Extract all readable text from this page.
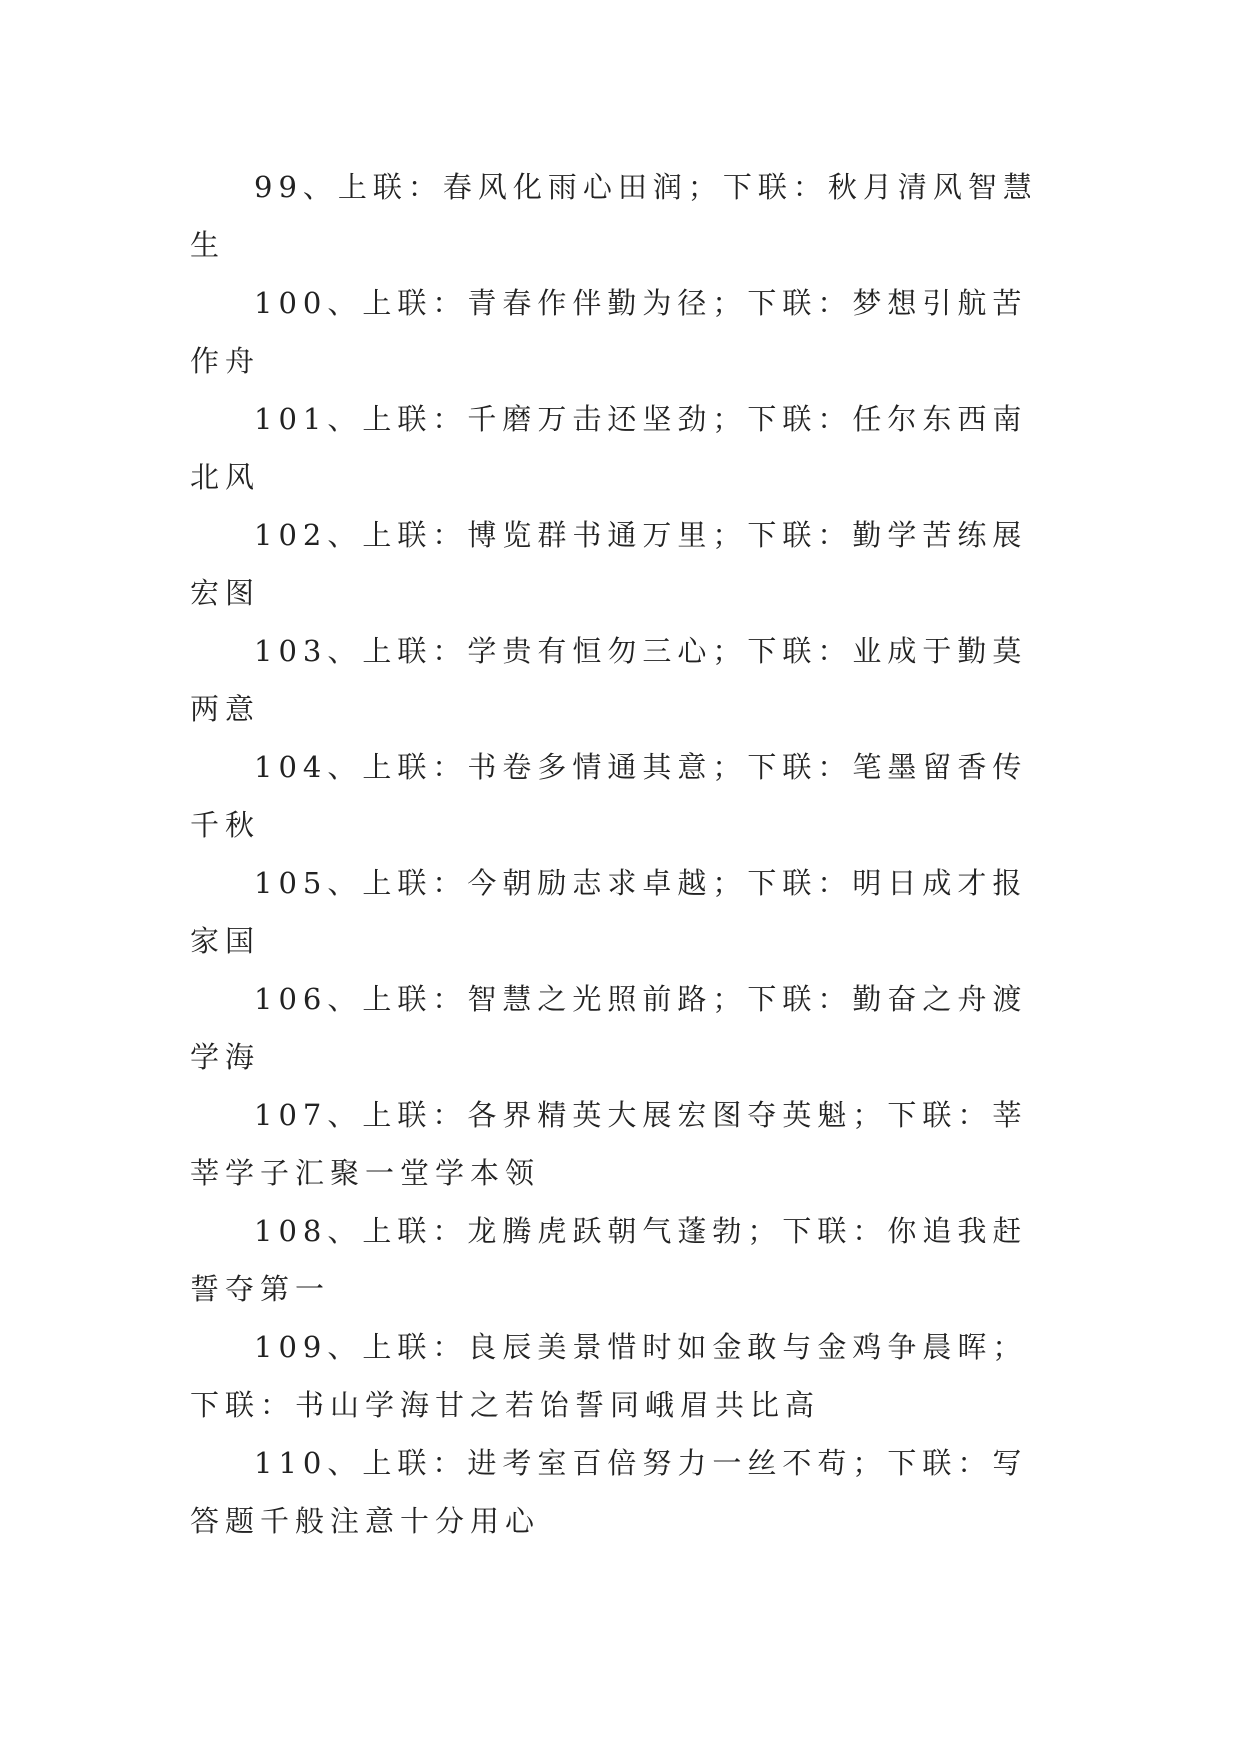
99、上联：春风化雨心田润；下联：秋月清风智慧生

100、上联：青春作伴勤为径；下联：梦想引航苦作舟

101、上联：千磨万击还坚劲；下联：任尔东西南北风

102、上联：博览群书通万里；下联：勤学苦练展宏图

103、上联：学贵有恒勿三心；下联：业成于勤莫两意

104、上联：书卷多情通其意；下联：笔墨留香传千秋

105、上联：今朝励志求卓越；下联：明日成才报家国

106、上联：智慧之光照前路；下联：勤奋之舟渡学海

107、上联：各界精英大展宏图夺英魁；下联：莘莘学子汇聚一堂学本领

108、上联：龙腾虎跃朝气蓬勃；下联：你追我赶誓夺第一

109、上联：良辰美景惜时如金敢与金鸡争晨晖；下联：书山学海甘之若饴誓同峨眉共比高

110、上联：进考室百倍努力一丝不苟；下联：写答题千般注意十分用心
